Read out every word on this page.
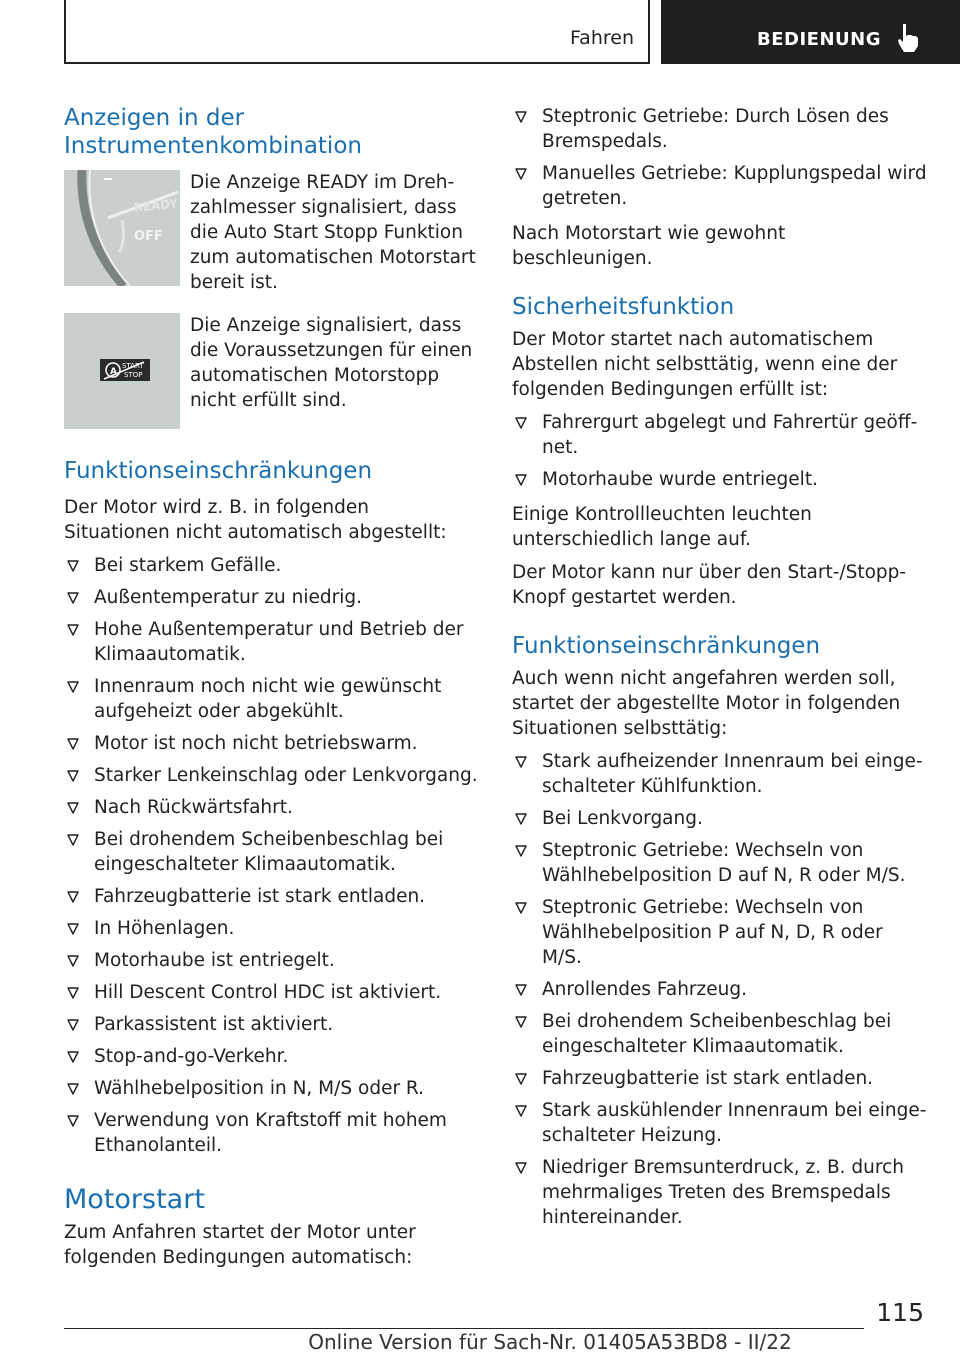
Fahren	BEDIENUNG
Anzeigen in der Instrumentenkombination
READY
OFF
Die Anzeige READY im Drehzahlmesser signalisiert, dass die Auto Start Stopp Funktion zum automatischen Motorstart bereit ist.
A
START
STOP
Die Anzeige signalisiert, dass die Voraussetzungen für einen automatischen Motorstopp nicht erfüllt sind.
Funktionseinschränkungen

Der Motor wird z. B. in folgenden Situationen nicht automatisch abgestellt:

Bei starkem Gefälle.
Außentemperatur zu niedrig.
Hohe Außentemperatur und Betrieb der Klimaautomatik.
Innenraum noch nicht wie gewünscht aufgeheizt oder abgekühlt.
Motor ist noch nicht betriebswarm.
Starker Lenkeinschlag oder Lenkvorgang.
Nach Rückwärtsfahrt.
Bei drohendem Scheibenbeschlag bei eingeschalteter Klimaautomatik.
Fahrzeugbatterie ist stark entladen.
In Höhenlagen.
Motorhaube ist entriegelt.
Hill Descent Control HDC ist aktiviert.
Parkassistent ist aktiviert.
Stop-and-go-Verkehr.
Wählhebelposition in N, M/S oder R.
Verwendung von Kraftstoff mit hohem Ethanolanteil.
Motorstart

Zum Anfahren startet der Motor unter folgenden Bedingungen automatisch:

Steptronic Getriebe: Durch Lösen des Bremspedals.
Manuelles Getriebe: Kupplungspedal wird getreten.

Nach Motorstart wie gewohnt beschleunigen.

Sicherheitsfunktion

Der Motor startet nach automatischem Abstellen nicht selbsttätig, wenn eine der folgenden Bedingungen erfüllt ist:

Fahrergurt abgelegt und Fahrertür geöffnet.
Motorhaube wurde entriegelt.

Einige Kontrollleuchten leuchten unterschiedlich lange auf.

Der Motor kann nur über den Start-/Stopp-Knopf gestartet werden.

Funktionseinschränkungen

Auch wenn nicht angefahren werden soll, startet der abgestellte Motor in folgenden Situationen selbsttätig:

Stark aufheizender Innenraum bei eingeschalteter Kühlfunktion.
Bei Lenkvorgang.
Steptronic Getriebe: Wechseln von Wählhebelposition D auf N, R oder M/S.
Steptronic Getriebe: Wechseln von Wählhebelposition P auf N, D, R oder M/S.
Anrollendes Fahrzeug.
Bei drohendem Scheibenbeschlag bei eingeschalteter Klimaautomatik.
Fahrzeugbatterie ist stark entladen.
Stark auskühlender Innenraum bei eingeschalteter Heizung.
Niedriger Bremsunterdruck, z. B. durch mehrmaliges Treten des Bremspedals hintereinander.
115
Online Version für Sach-Nr. 01405A53BD8 - II/22
